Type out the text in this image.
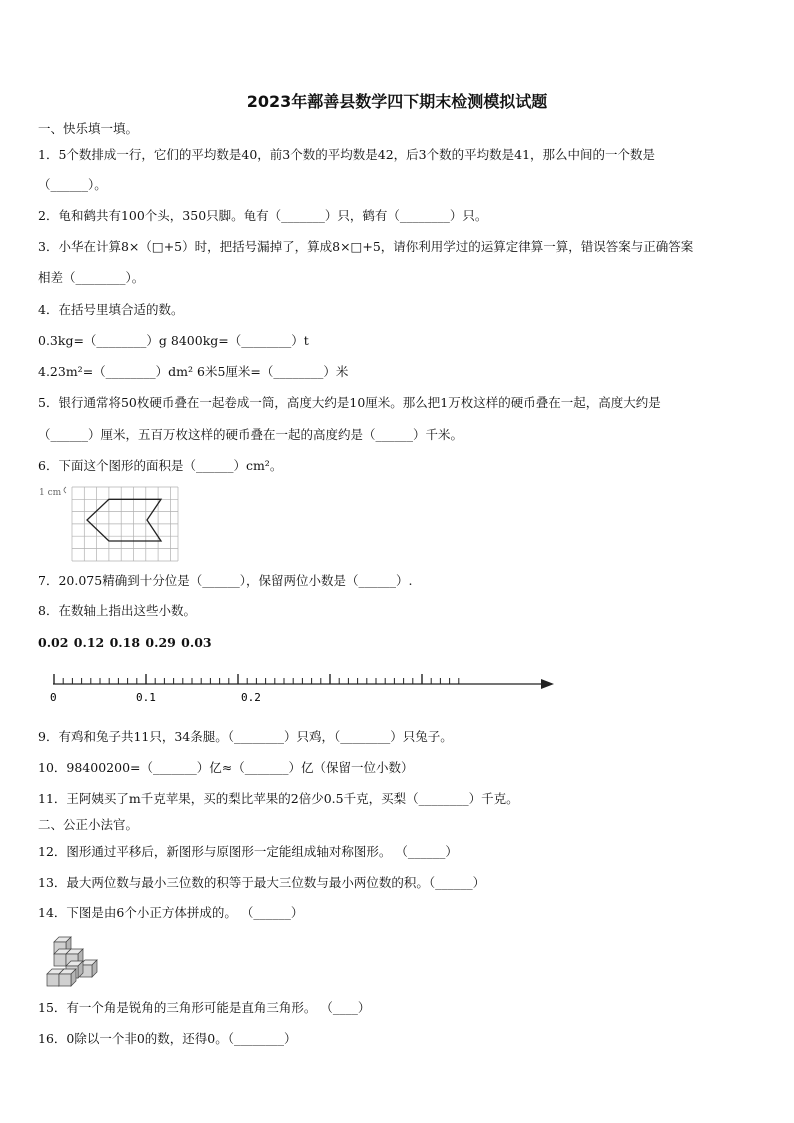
2023年鄯善县数学四下期末检测模拟试题
一、快乐填一填。
1．5个数排成一行，它们的平均数是40，前3个数的平均数是42，后3个数的平均数是41，那么中间的一个数是
（______）。
2．龟和鹤共有100个头，350只脚。龟有（_______）只，鹤有（________）只。
3．小华在计算8×（□+5）时，把括号漏掉了，算成8×□+5，请你利用学过的运算定律算一算，错误答案与正确答案
相差（________）。
4．在括号里填合适的数。
0.3kg=（________）g 8400kg=（________）t
4.23m²=（________）dm² 6米5厘米=（________）米
5．银行通常将50枚硬币叠在一起卷成一筒，高度大约是10厘米。那么把1万枚这样的硬币叠在一起，高度大约是
（______）厘米，五百万枚这样的硬币叠在一起的高度约是（______）千米。
6．下面这个图形的面积是（______）cm²。
1 cm
7．20.075精确到十分位是（______），保留两位小数是（______）.
8．在数轴上指出这些小数。
0.02 0.12 0.18 0.29 0.03
0	0.1	0.2
9．有鸡和兔子共11只，34条腿。（________）只鸡，（________）只兔子。
10．98400200=（_______）亿≈（_______）亿（保留一位小数）
11．王阿姨买了m千克苹果，买的梨比苹果的2倍少0.5千克，买梨（________）千克。
二、公正小法官。
12．图形通过平移后，新图形与原图形一定能组成轴对称图形。 （______）
13．最大两位数与最小三位数的积等于最大三位数与最小两位数的积。（______）
14．下图是由6个小正方体拼成的。 （______）
15．有一个角是锐角的三角形可能是直角三角形。 （____）
16．0除以一个非0的数，还得0。（________）
